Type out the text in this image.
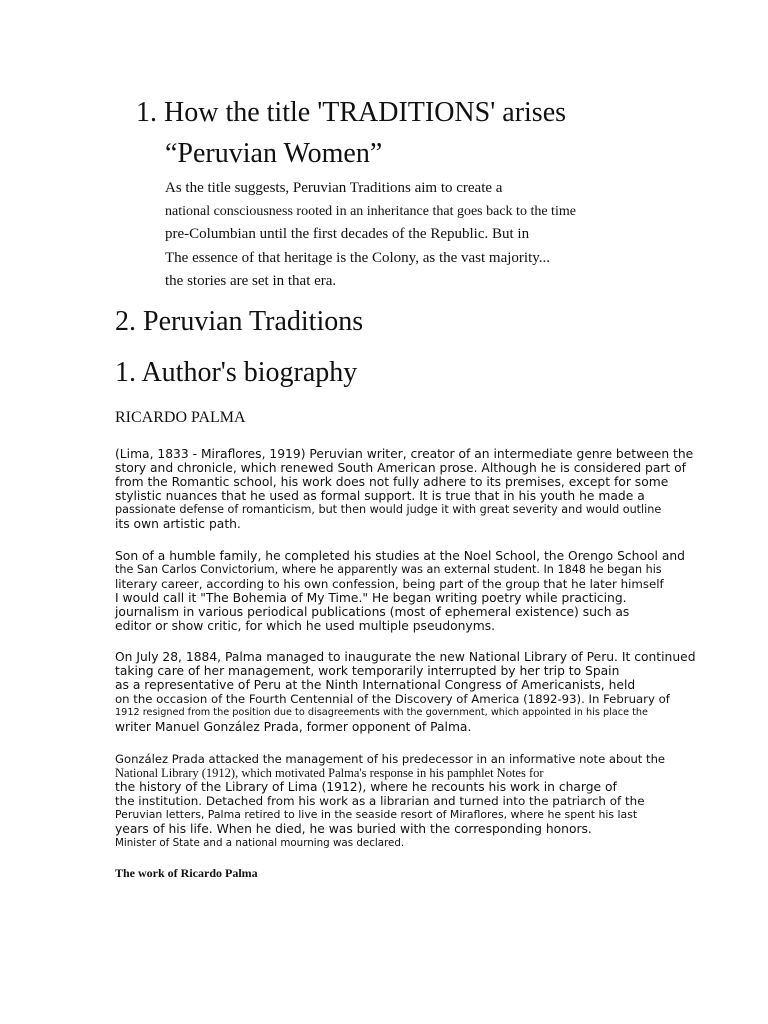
1. How the title 'TRADITIONS' arises
“Peruvian Women”
As the title suggests, Peruvian Traditions aim to create a
national consciousness rooted in an inheritance that goes back to the time
pre-Columbian until the first decades of the Republic. But in
The essence of that heritage is the Colony, as the vast majority...
the stories are set in that era.
2. Peruvian Traditions
1. Author's biography
RICARDO PALMA
(Lima, 1833 - Miraflores, 1919) Peruvian writer, creator of an intermediate genre between the
story and chronicle, which renewed South American prose. Although he is considered part of
from the Romantic school, his work does not fully adhere to its premises, except for some
stylistic nuances that he used as formal support. It is true that in his youth he made a
passionate defense of romanticism, but then would judge it with great severity and would outline
its own artistic path.
Son of a humble family, he completed his studies at the Noel School, the Orengo School and
the San Carlos Convictorium, where he apparently was an external student. In 1848 he began his
literary career, according to his own confession, being part of the group that he later himself
I would call it "The Bohemia of My Time." He began writing poetry while practicing.
journalism in various periodical publications (most of ephemeral existence) such as
editor or show critic, for which he used multiple pseudonyms.
On July 28, 1884, Palma managed to inaugurate the new National Library of Peru. It continued
taking care of her management, work temporarily interrupted by her trip to Spain
as a representative of Peru at the Ninth International Congress of Americanists, held
on the occasion of the Fourth Centennial of the Discovery of America (1892-93). In February of
1912 resigned from the position due to disagreements with the government, which appointed in his place the
writer Manuel González Prada, former opponent of Palma.
González Prada attacked the management of his predecessor in an informative note about the
National Library (1912), which motivated Palma's response in his pamphlet Notes for
the history of the Library of Lima (1912), where he recounts his work in charge of
the institution. Detached from his work as a librarian and turned into the patriarch of the
Peruvian letters, Palma retired to live in the seaside resort of Miraflores, where he spent his last
years of his life. When he died, he was buried with the corresponding honors.
Minister of State and a national mourning was declared.
The work of Ricardo Palma
